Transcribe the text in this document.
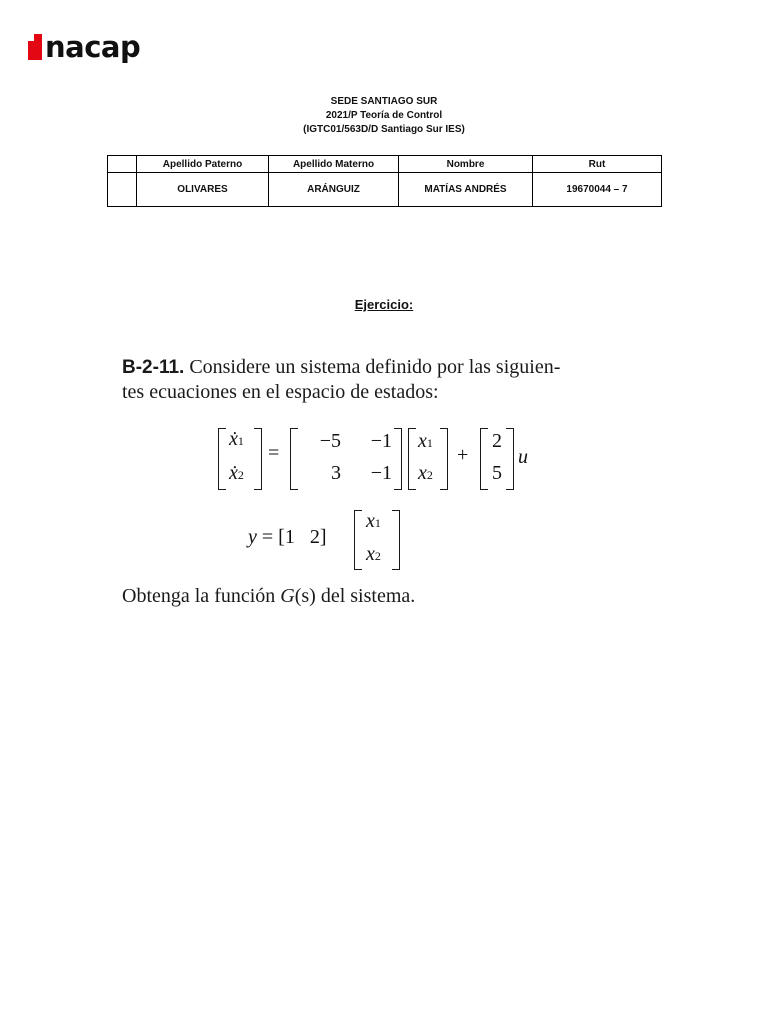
nacap
SEDE SANTIAGO SUR
2021/P Teoría de Control
(IGTC01/563D/D Santiago Sur IES)
	Apellido Paterno	Apellido Materno	Nombre	Rut
	OLIVARES	ARÁNGUIZ	MATÍAS ANDRÉS	19670044 – 7
Ejercicio:
B-2-11. Considere un sistema definido por las siguien-
tes ecuaciones en el espacio de estados:
ẋ1
ẋ2
=
−5	−1
3	−1
x1
x2
+
2
5
u
y = [1   2]
x1
x2
Obtenga la función G(s) del sistema.
